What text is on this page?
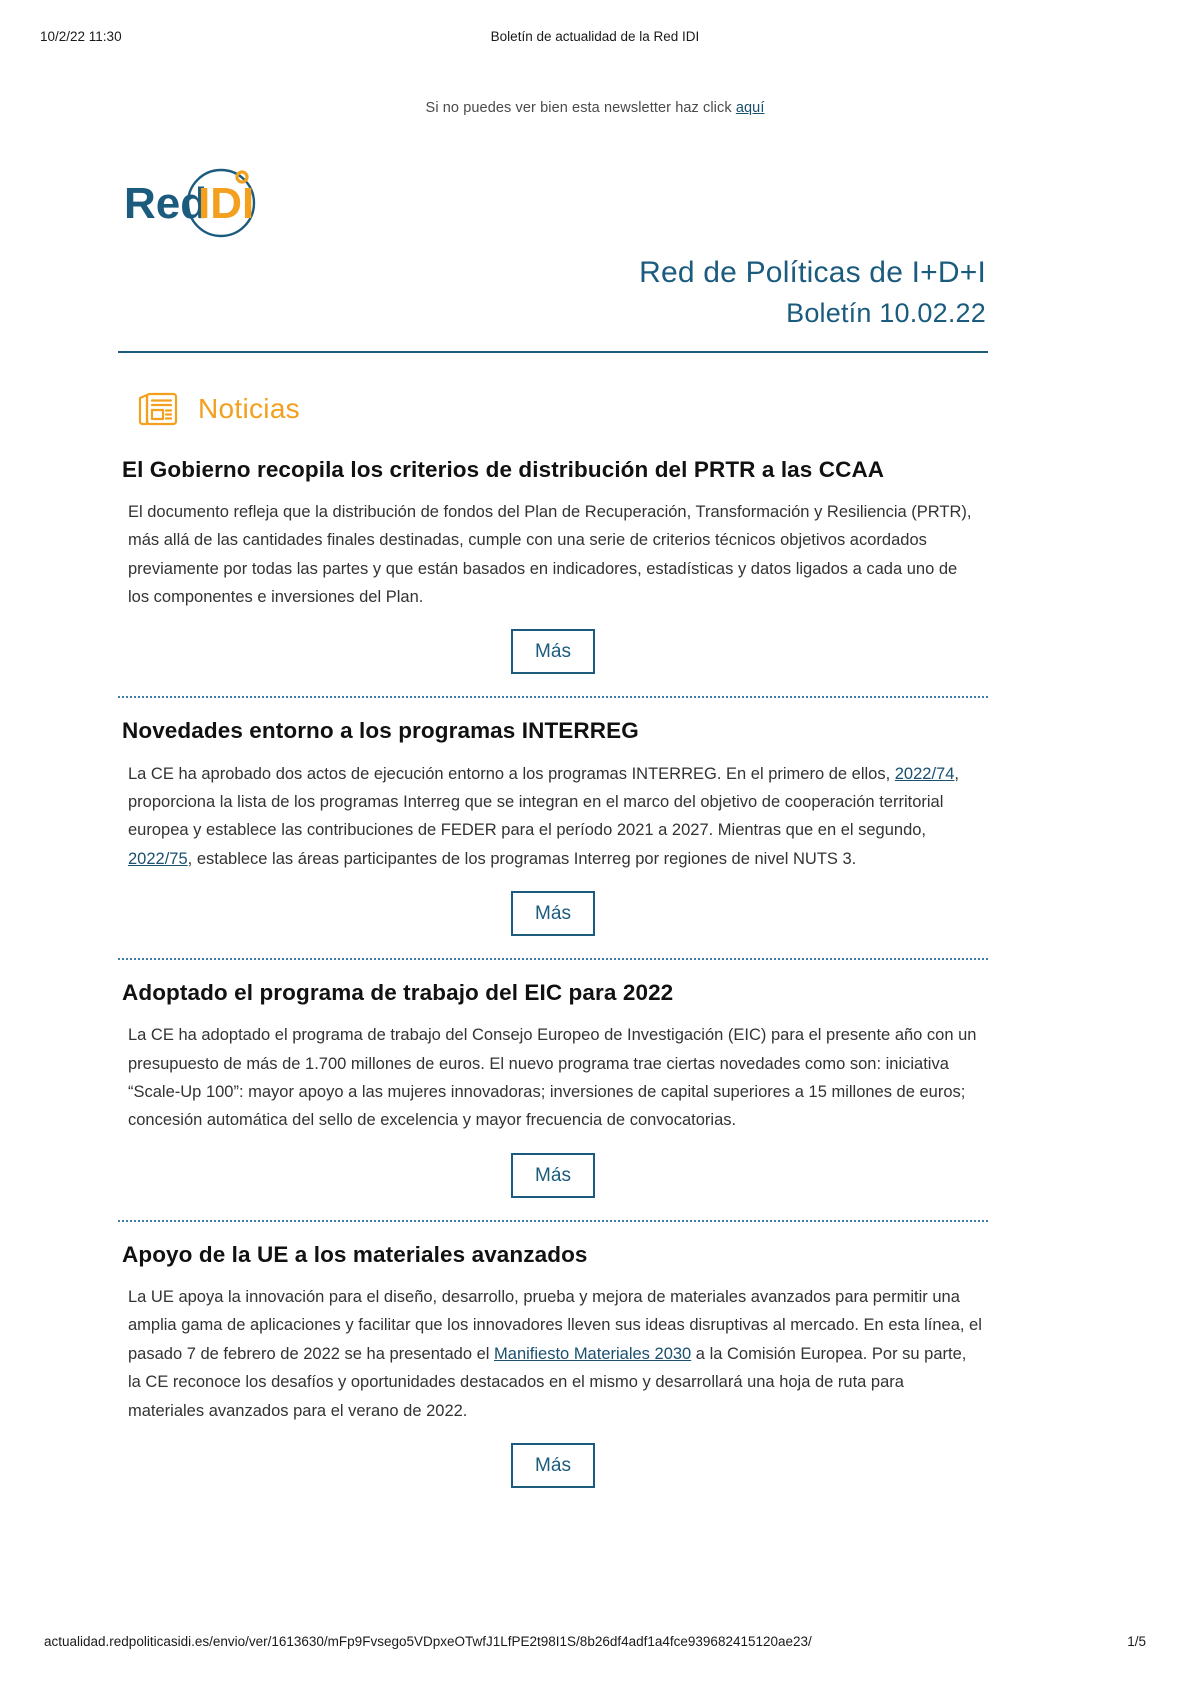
10/2/22 11:30	Boletín de actualidad de la Red IDI
actualidad.redpoliticasidi.es/envio/ver/1613630/mFp9Fvsego5VDpxeOTwfJ1LfPE2t98I1S/8b26df4adf1a4fce939682415120ae23/	1/5
Si no puedes ver bien esta newsletter haz click aquí
Red
IDI
Red de Políticas de I+D+I
Boletín 10.02.22
Noticias
El Gobierno recopila los criterios de distribución del PRTR a las CCAA
El documento refleja que la distribución de fondos del Plan de Recuperación, Transformación y Resiliencia (PRTR), más allá de las cantidades finales destinadas, cumple con una serie de criterios técnicos objetivos acordados previamente por todas las partes y que están basados en indicadores, estadísticas y datos ligados a cada uno de los componentes e inversiones del Plan.
Más
Novedades entorno a los programas INTERREG
La CE ha aprobado dos actos de ejecución entorno a los programas INTERREG. En el primero de ellos, 2022/74, proporciona la lista de los programas Interreg que se integran en el marco del objetivo de cooperación territorial europea y establece las contribuciones de FEDER para el período 2021 a 2027. Mientras que en el segundo, 2022/75, establece las áreas participantes de los programas Interreg por regiones de nivel NUTS 3.
Más
Adoptado el programa de trabajo del EIC para 2022
La CE ha adoptado el programa de trabajo del Consejo Europeo de Investigación (EIC) para el presente año con un presupuesto de más de 1.700 millones de euros. El nuevo programa trae ciertas novedades como son: iniciativa “Scale-Up 100”: mayor apoyo a las mujeres innovadoras; inversiones de capital superiores a 15 millones de euros; concesión automática del sello de excelencia y mayor frecuencia de convocatorias.
Más
Apoyo de la UE a los materiales avanzados
La UE apoya la innovación para el diseño, desarrollo, prueba y mejora de materiales avanzados para permitir una amplia gama de aplicaciones y facilitar que los innovadores lleven sus ideas disruptivas al mercado. En esta línea, el pasado 7 de febrero de 2022 se ha presentado el Manifiesto Materiales 2030 a la Comisión Europea. Por su parte, la CE reconoce los desafíos y oportunidades destacados en el mismo y desarrollará una hoja de ruta para materiales avanzados para el verano de 2022.
Más
